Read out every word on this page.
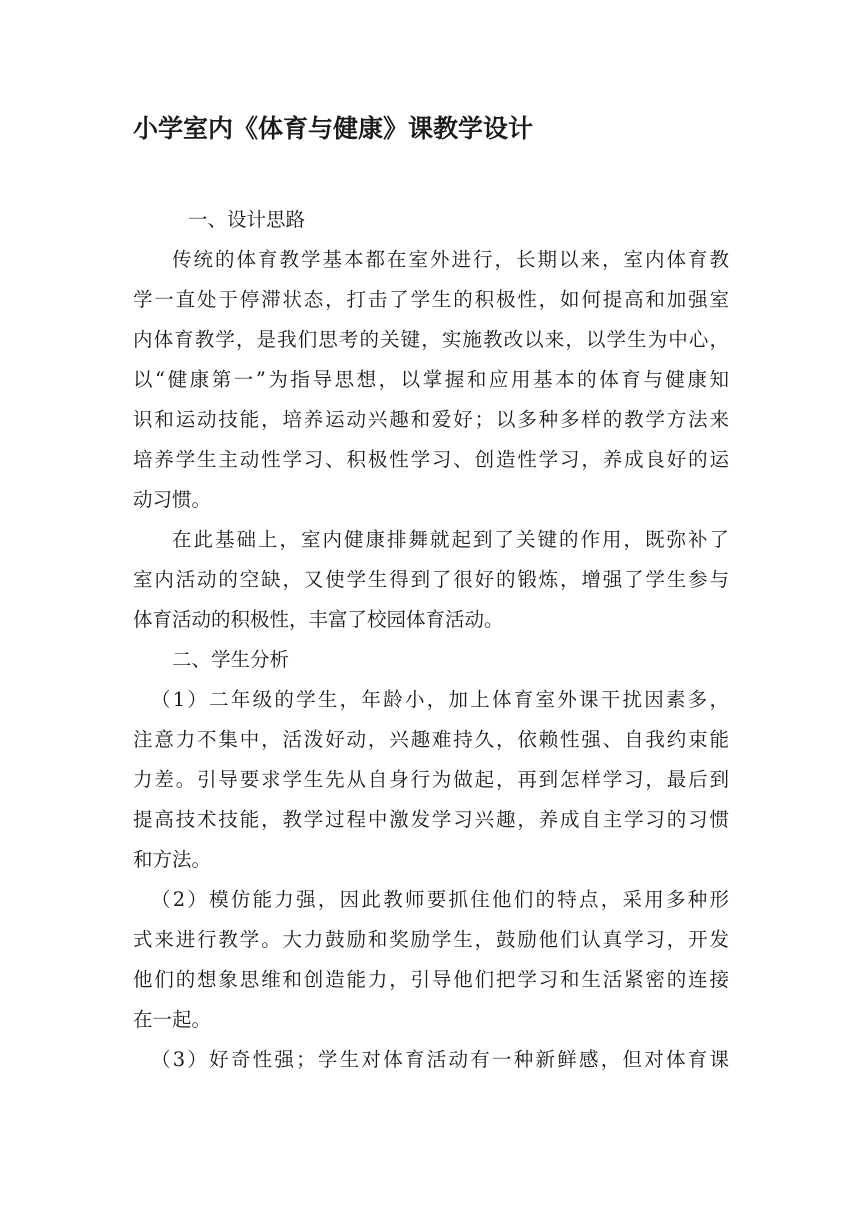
小学室内《体育与健康》课教学设计
一、设计思路
传统的体育教学基本都在室外进行，长期以来，室内体育教
学一直处于停滞状态，打击了学生的积极性，如何提高和加强室
内体育教学，是我们思考的关键，实施教改以来，以学生为中心，
以“健康第一”为指导思想，以掌握和应用基本的体育与健康知
识和运动技能，培养运动兴趣和爱好；以多种多样的教学方法来
培养学生主动性学习、积极性学习、创造性学习，养成良好的运
动习惯。
在此基础上，室内健康排舞就起到了关键的作用，既弥补了
室内活动的空缺，又使学生得到了很好的锻炼，增强了学生参与
体育活动的积极性，丰富了校园体育活动。
二、学生分析
（1）二年级的学生，年龄小，加上体育室外课干扰因素多，
注意力不集中，活泼好动，兴趣难持久，依赖性强、自我约束能
力差。引导要求学生先从自身行为做起，再到怎样学习，最后到
提高技术技能，教学过程中激发学习兴趣，养成自主学习的习惯
和方法。
（2）模仿能力强，因此教师要抓住他们的特点，采用多种形
式来进行教学。大力鼓励和奖励学生，鼓励他们认真学习，开发
他们的想象思维和创造能力，引导他们把学习和生活紧密的连接
在一起。
（3）好奇性强；学生对体育活动有一种新鲜感，但对体育课
